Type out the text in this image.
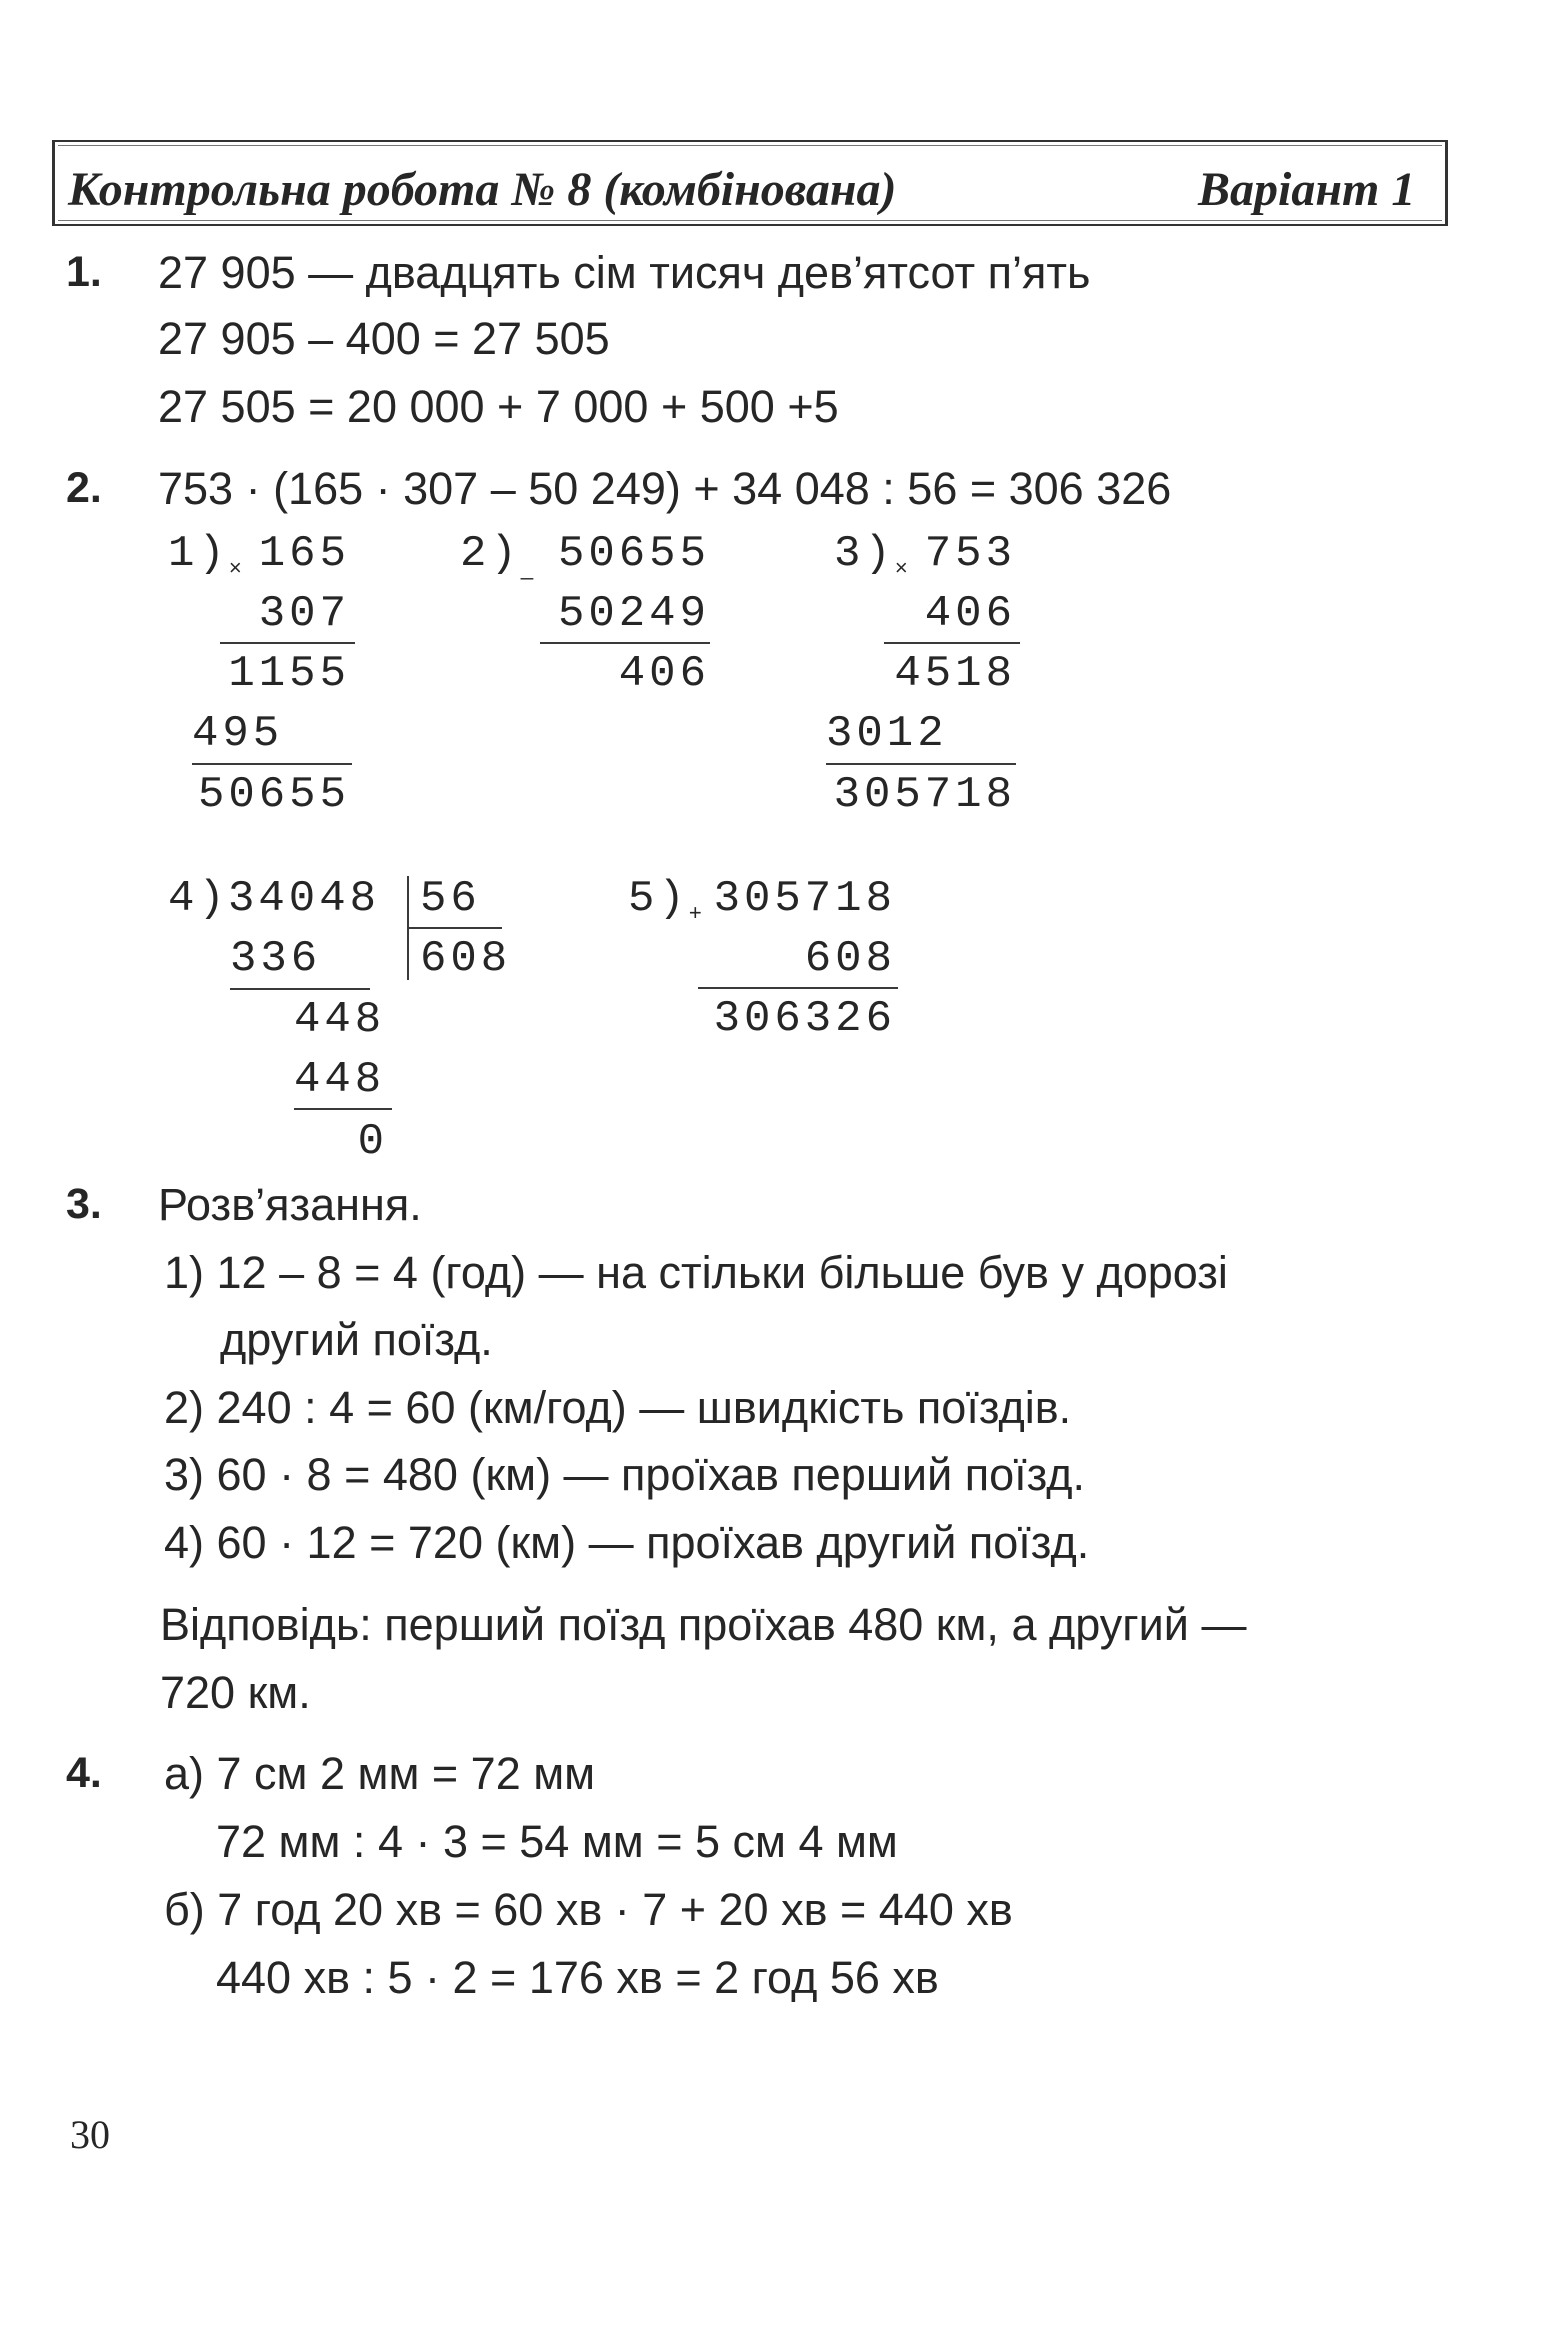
Контрольна робота № 8 (комбінована)	Варіант 1
1. 27 905 — двадцять сім тисяч дев’ятсот п’ять
27 905 – 400 = 27 505
27 505 = 20 000 + 7 000 + 500 +5
2. 753 · (165 · 307 – 50 249) + 34 048 : 56 = 306 326
$1)_\times$ 165
307
1155
495
50655
$2)_{\_}$ 50655
50249
406
$3)_\times$ 753
406
4518
3012
305718
4) 34048 56
608
336
448
448
0
$5)_+$ 305718
608
306326
3. Розв’язання.
1) 12 – 8 = 4 (год) — на стільки більше був у дорозі
другий поїзд.
2) 240 : 4 = 60 (км/год) — швидкість поїздів.
3) 60 · 8 = 480 (км) — проїхав перший поїзд.
4) 60 · 12 = 720 (км) — проїхав другий поїзд.
Відповідь: перший поїзд проїхав 480 км, а другий —
720 км.
4. а) 7 см 2 мм = 72 мм
72 мм : 4 · 3 = 54 мм = 5 см 4 мм
б) 7 год 20 хв = 60 хв · 7 + 20 хв = 440 хв
440 хв : 5 · 2 = 176 хв = 2 год 56 хв
30
